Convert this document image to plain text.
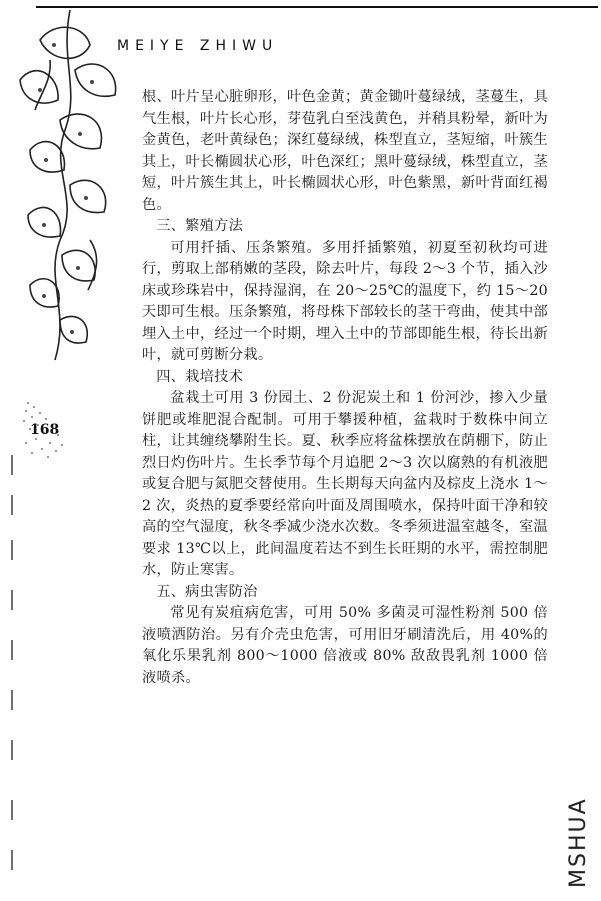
MEIYE ZHIWU
168

根、叶片呈心脏卵形，叶色金黄；黄金锄叶蔓绿绒，茎蔓生，具气生根，叶片长心形，芽苞乳白至浅黄色，并稍具粉晕，新叶为金黄色，老叶黄绿色；深红蔓绿绒，株型直立，茎短缩，叶簇生其上，叶长椭圆状心形，叶色深红；黑叶蔓绿绒，株型直立，茎短，叶片簇生其上，叶长椭圆状心形，叶色紫黑，新叶背面红褐色。

三、繁殖方法

可用扦插、压条繁殖。多用扦插繁殖，初夏至初秋均可进行，剪取上部稍嫩的茎段，除去叶片，每段 2～3 个节，插入沙床或珍珠岩中，保持湿润，在 20～25℃的温度下，约 15～20 天即可生根。压条繁殖，将母株下部较长的茎干弯曲，使其中部埋入土中，经过一个时期，埋入土中的节部即能生根，待长出新叶，就可剪断分栽。

四、栽培技术

盆栽土可用 3 份园土、2 份泥炭土和 1 份河沙，掺入少量饼肥或堆肥混合配制。可用于攀援种植，盆栽时于数株中间立柱，让其缠绕攀附生长。夏、秋季应将盆株摆放在荫棚下，防止烈日灼伤叶片。生长季节每个月追肥 2～3 次以腐熟的有机液肥或复合肥与氮肥交替使用。生长期每天向盆内及棕皮上浇水 1～2 次，炎热的夏季要经常向叶面及周围喷水，保持叶面干净和较高的空气湿度，秋冬季减少浇水次数。冬季须进温室越冬，室温要求 13℃以上，此间温度若达不到生长旺期的水平，需控制肥水，防止寒害。

五、病虫害防治

常见有炭疽病危害，可用 50% 多菌灵可湿性粉剂 500 倍液喷洒防治。另有介壳虫危害，可用旧牙刷清洗后，用 40%的氧化乐果乳剂 800～1000 倍液或 80% 敌敌畏乳剂 1000 倍液喷杀。

MSHUA
